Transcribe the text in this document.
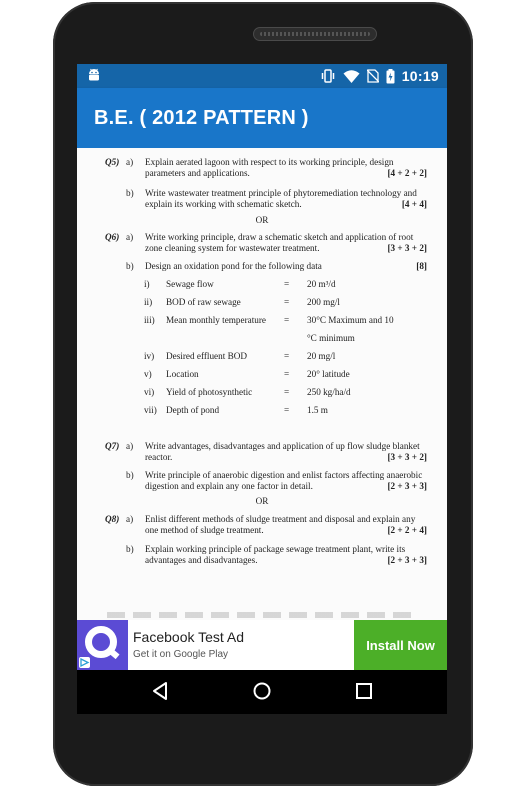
10:19
B.E. ( 2012 PATTERN )
Q5) a) Explain aerated lagoon with respect to its working principle, design parameters and applications.	[4 + 2 + 2]
b) Write wastewater treatment principle of phytoremediation technology and explain its working with schematic sketch.	[4 + 4]
OR
Q6) a) Write working principle, draw a schematic sketch and application of root zone cleaning system for wastewater treatment.	[3 + 3 + 2]
b) Design an oxidation pond for the following data	[8]
i) Sewage flow	= 20 m³/d
ii) BOD of raw sewage	= 200 mg/l
iii) Mean monthly temperature = 30°C Maximum and 10
°C minimum
iv) Desired effluent BOD	= 20 mg/l
v) Location	= 20° latitude
vi) Yield of photosynthetic	= 250 kg/ha/d
vii) Depth of pond	= 1.5 m
Q7) a) Write advantages, disadvantages and application of up flow sludge blanket reactor.	[3 + 3 + 2]
b) Write principle of anaerobic digestion and enlist factors affecting anaerobic digestion and explain any one factor in detail.	[2 + 3 + 3]
OR
Q8) a) Enlist different methods of sludge treatment and disposal and explain any one method of sludge treatment.	[2 + 2 + 4]
b) Explain working principle of package sewage treatment plant, write its advantages and disadvantages.	[2 + 3 + 3]
Facebook Test Ad
Get it on Google Play
Install Now
